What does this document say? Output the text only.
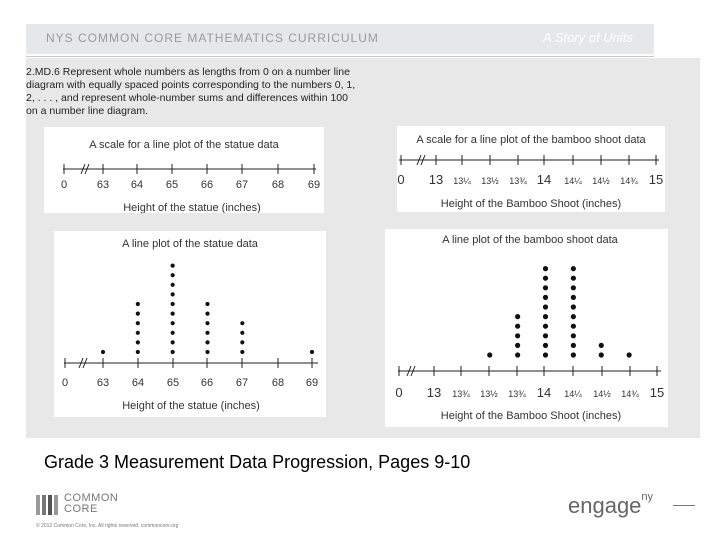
NYS COMMON CORE MATHEMATICS CURRICULUM	A Story of Units
2.MD.6 Represent whole numbers as lengths from 0 on a number line diagram with equally spaced points corresponding to the numbers 0, 1, 2, . . . , and represent whole-number sums and differences within 100 on a number line diagram.
A scale for a line plot of the statue data
0	63 64 65 66 67 68 69
Height of the statue (inches)
A scale for a line plot of the bamboo shoot data
0 13 13¼ 13½ 13¾ 14 14¼ 14½ 14¾ 15
Height of the Bamboo Shoot (inches)
A line plot of the statue data
0	63 64 65 66 67 68 69
Height of the statue (inches)
A line plot of the bamboo shoot data
0 13 13¾ 13½ 13¾ 14 14¼ 14½ 14¾ 15
Height of the Bamboo Shoot (inches)
Grade 3 Measurement Data Progression, Pages 9-10
COMMON
CORE
© 2012 Common Core, Inc. All rights reserved. commoncore.org
engage$^{ny}$
